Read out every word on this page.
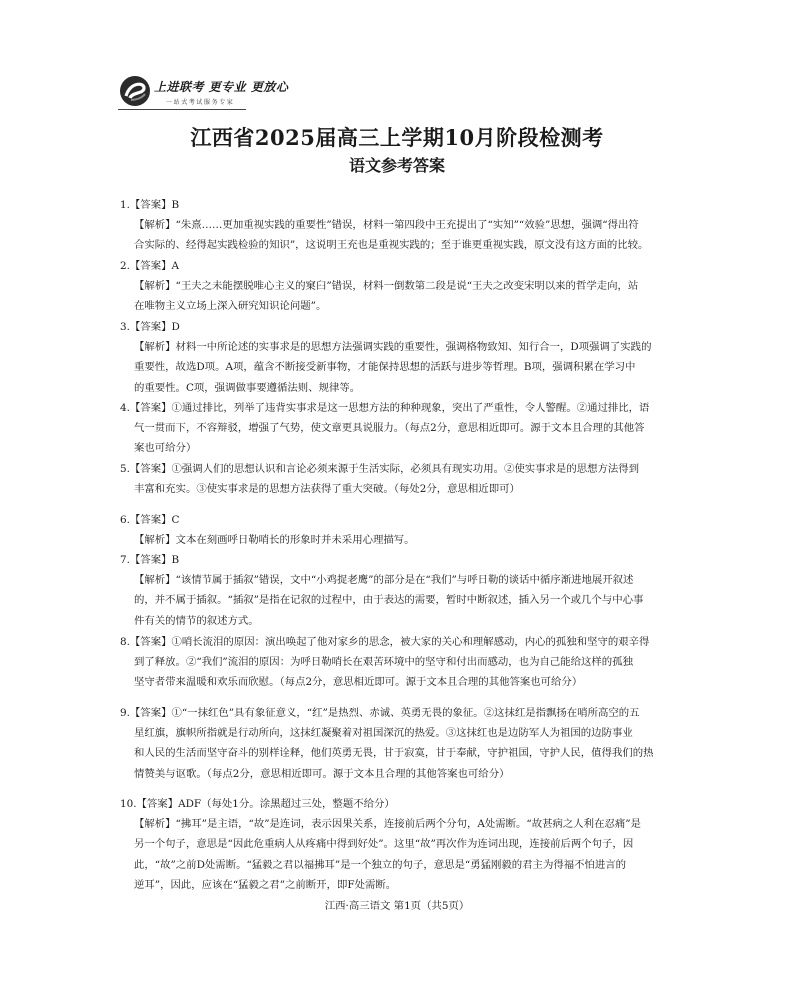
上进联考 更专业 更放心
一站式考试服务专家
江西省2025届高三上学期10月阶段检测考
语文参考答案
1.【答案】B
【解析】“朱熹……更加重视实践的重要性”错误，材料一第四段中王充提出了“实知”“效验”思想，强调“得出符
合实际的、经得起实践检验的知识”，这说明王充也是重视实践的；至于谁更重视实践，原文没有这方面的比较。
2.【答案】A
【解析】“王夫之未能摆脱唯心主义的窠臼”错误，材料一倒数第二段是说“王夫之改变宋明以来的哲学走向，站
在唯物主义立场上深入研究知识论问题”。
3.【答案】D
【解析】材料一中所论述的实事求是的思想方法强调实践的重要性，强调格物致知、知行合一，D项强调了实践的
重要性，故选D项。A项，蕴含不断接受新事物，才能保持思想的活跃与进步等哲理。B项，强调积累在学习中
的重要性。C项，强调做事要遵循法则、规律等。
4.【答案】①通过排比，列举了违背实事求是这一思想方法的种种现象，突出了严重性，令人警醒。②通过排比，语
气一贯而下，不容辩驳，增强了气势，使文章更具说服力。（每点2分，意思相近即可。源于文本且合理的其他答
案也可给分）
5.【答案】①强调人们的思想认识和言论必须来源于生活实际，必须具有现实功用。②使实事求是的思想方法得到
丰富和充实。③使实事求是的思想方法获得了重大突破。（每处2分，意思相近即可）
6.【答案】C
【解析】文本在刻画呼日勒哨长的形象时并未采用心理描写。
7.【答案】B
【解析】“该情节属于插叙”错误，文中“小鸡捉老鹰”的部分是在“我们”与呼日勒的谈话中循序渐进地展开叙述
的，并不属于插叙。“插叙”是指在记叙的过程中，由于表达的需要，暂时中断叙述，插入另一个或几个与中心事
件有关的情节的叙述方式。
8.【答案】①哨长流泪的原因：演出唤起了他对家乡的思念，被大家的关心和理解感动，内心的孤独和坚守的艰辛得
到了释放。②“我们”流泪的原因：为呼日勒哨长在艰苦环境中的坚守和付出而感动，也为自己能给这样的孤独
坚守者带来温暖和欢乐而欣慰。（每点2分，意思相近即可。源于文本且合理的其他答案也可给分）
9.【答案】①“一抹红色”具有象征意义，“红”是热烈、赤诚、英勇无畏的象征。②这抹红是指飘扬在哨所高空的五
星红旗，旗帜所指就是行动所向，这抹红凝聚着对祖国深沉的热爱。③这抹红也是边防军人为祖国的边防事业
和人民的生活而坚守奋斗的别样诠释，他们英勇无畏，甘于寂寞，甘于奉献，守护祖国，守护人民，值得我们的热
情赞美与讴歌。（每点2分，意思相近即可。源于文本且合理的其他答案也可给分）
10.【答案】ADF（每处1分。涂黑超过三处，整题不给分）
【解析】“拂耳”是主语，“故”是连词，表示因果关系，连接前后两个分句，A处需断。“故甚病之人利在忍痛”是
另一个句子，意思是“因此危重病人从疼痛中得到好处”。这里“故”再次作为连词出现，连接前后两个句子，因
此，“故”之前D处需断。“猛毅之君以福拂耳”是一个独立的句子，意思是“勇猛刚毅的君主为得福不怕进言的
逆耳”，因此，应该在“猛毅之君”之前断开，即F处需断。
江西·高三语文 第1页（共5页）
